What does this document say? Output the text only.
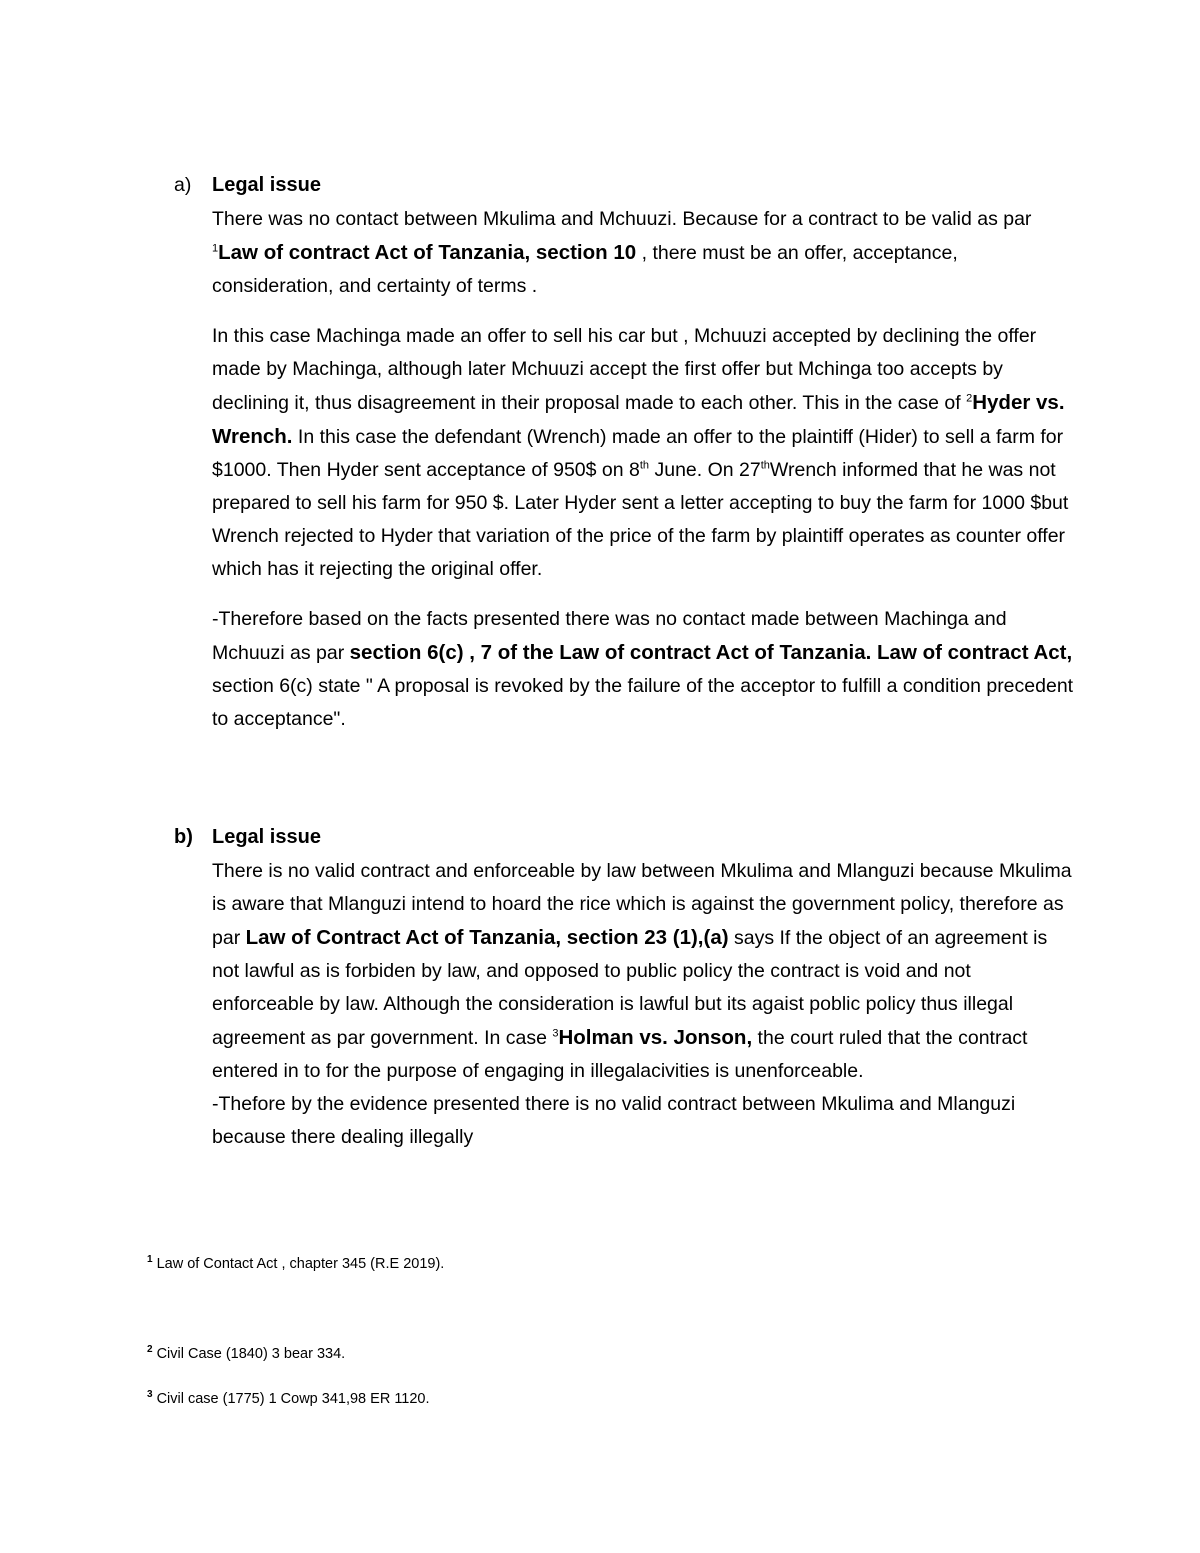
a) Legal issue

There was no contact between Mkulima and Mchuuzi. Because for a contract to be valid as par $^1$Law of contract Act of Tanzania, section 10 , there must be an offer, acceptance, consideration, and certainty of terms .

In this case Machinga made an offer to sell his car but , Mchuuzi accepted by declining the offer made by Machinga, although later Mchuuzi accept the first offer but Mchinga too accepts by declining it, thus disagreement in their proposal made to each other. This in the case of $^2$Hyder vs. Wrench. In this case the defendant (Wrench) made an offer to the plaintiff (Hider) to sell a farm for $1000. Then Hyder sent acceptance of 950$ on 8th June. On 27thWrench informed that he was not prepared to sell his farm for 950 $. Later Hyder sent a letter accepting to buy the farm for 1000 $but Wrench rejected to Hyder that variation of the price of the farm by plaintiff operates as counter offer which has it rejecting the original offer.

-Therefore based on the facts presented there was no contact made between Machinga and Mchuuzi as par section 6(c) , 7 of the Law of contract Act of Tanzania. Law of contract Act, section 6(c) state " A proposal is revoked by the failure of the acceptor to fulfill a condition precedent to acceptance".

b) Legal issue

There is no valid contract and enforceable by law between Mkulima and Mlanguzi because Mkulima is aware that Mlanguzi intend to hoard the rice which is against the government policy, therefore as par Law of Contract Act of Tanzania, section 23 (1),(a) says If the object of an agreement is not lawful as is forbiden by law, and opposed to public policy the contract is void and not enforceable by law. Although the consideration is lawful but its agaist poblic policy thus illegal agreement as par government. In case $^3$Holman vs. Jonson, the court ruled that the contract entered in to for the purpose of engaging in illegalacivities is unenforceable.

-Thefore by the evidence presented there is no valid contract between Mkulima and Mlanguzi because there dealing illegally

$^1$ Law of Contact Act , chapter 345 (R.E 2019).
$^2$ Civil Case (1840) 3 bear 334.
$^3$ Civil case (1775) 1 Cowp 341,98 ER 1120.
